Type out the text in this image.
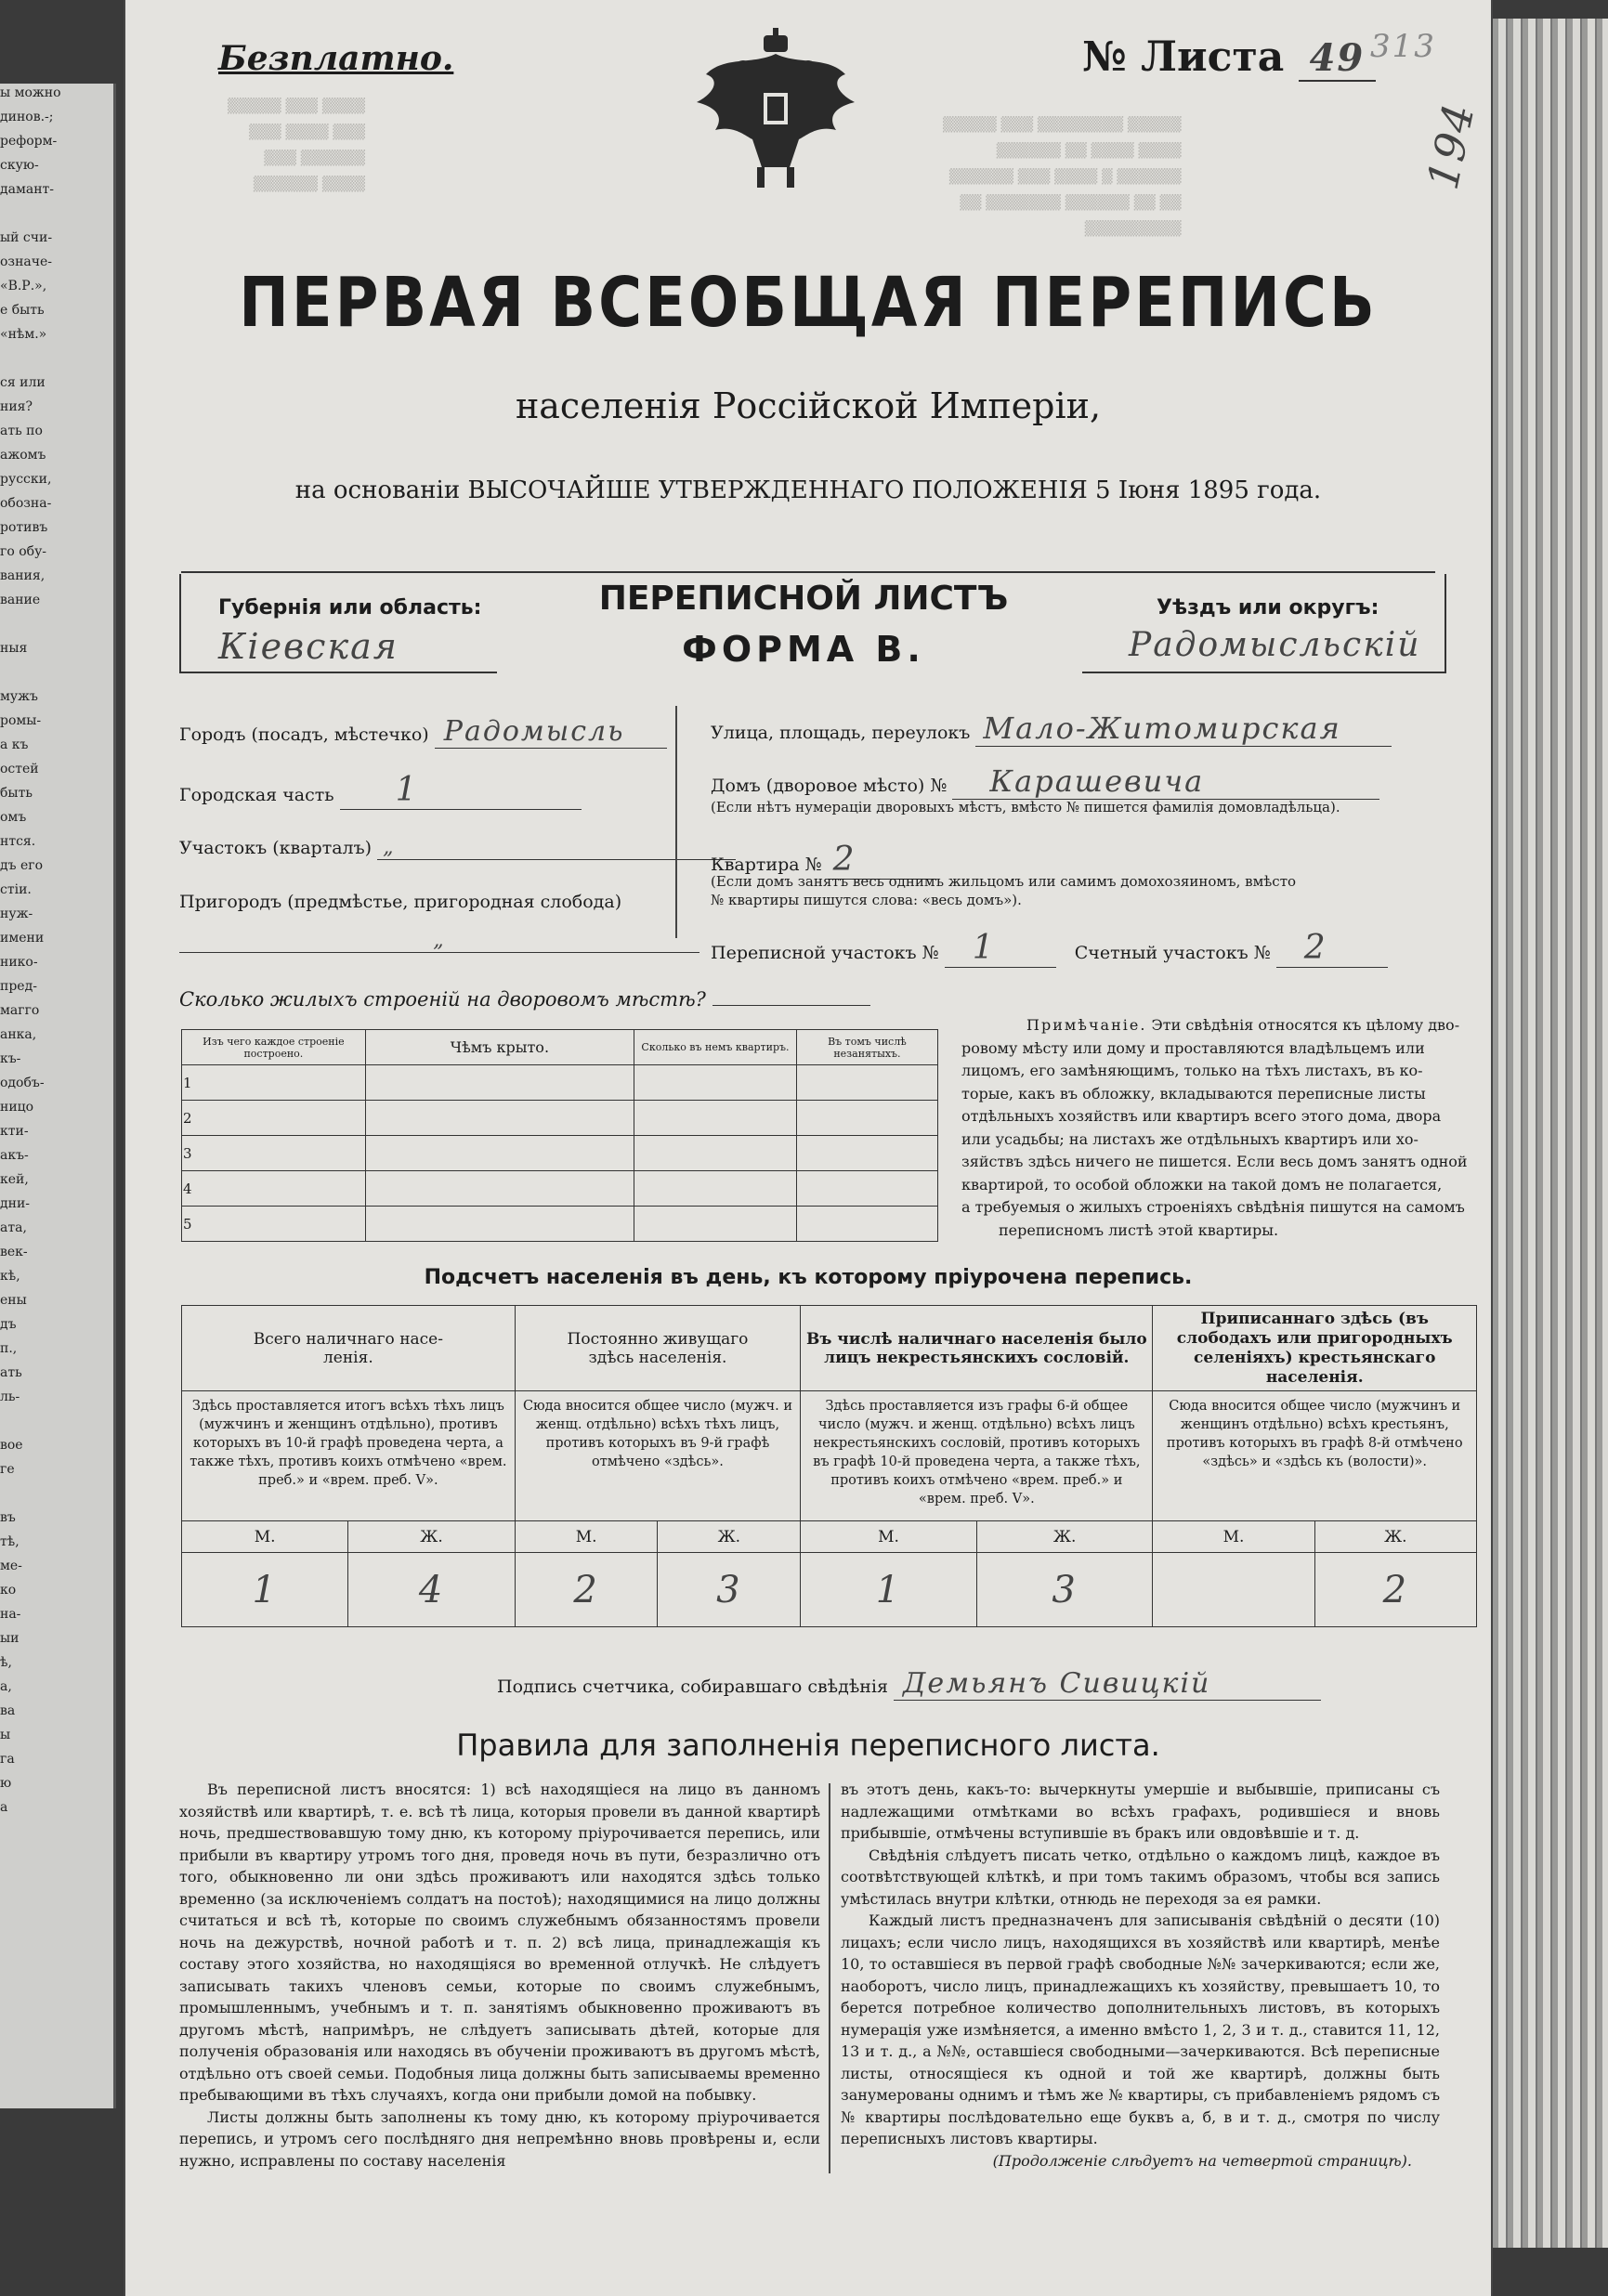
ы можно

динов.-;

реформ-

скую-

дамант-

ый счи-

означе-

«В.Р.»,

е быть

«нѣм.»

ся или

ния?

ать по

ажомъ

русски,

обозна-

ротивъ

го обу-

вания,

вание

ныя

мужъ

ромы-

а къ

остей

быть

омъ

нтся.

дъ его

стiи.

нуж-

имени

нико-

пред-

магго

анка,

къ-

одобъ-

ницо

кти-

акъ-

кей,

дни-

ата,

век-

кѣ,

ены

дъ

п.,

ать

ль-

вое

ге

въ

тѣ,

ме-

ко

на-

ыи

ѣ,

а,

ва

ы

га

ю

а

▒▒▒▒ ▒▒▒ ▒▒▒▒▒
▒▒▒ ▒▒▒▒ ▒▒▒
▒▒▒▒▒▒ ▒▒▒
▒▒▒▒ ▒▒▒▒▒▒
▒▒▒▒▒ ▒▒▒▒▒▒▒▒ ▒▒▒ ▒▒▒▒▒
▒▒▒▒ ▒▒▒▒ ▒▒ ▒▒▒▒▒▒
▒▒▒▒▒▒ ▒ ▒▒▒▒ ▒▒▒ ▒▒▒▒▒▒
▒▒ ▒▒ ▒▒▒▒▒▒ ▒▒▒▒▒▒▒ ▒▒
▒▒▒▒▒▒▒▒▒
Безплатно.	№ Листа 49 313
194
ПЕРВАЯ ВСЕОБЩАЯ ПЕРЕПИСЬ
населенiя Россiйской Имперiи,
на основанiи ВЫСОЧАЙШЕ УТВЕРЖДЕННАГО ПОЛОЖЕНIЯ 5 Iюня 1895 года.
Губернiя или область:
Кiевская
ПЕРЕПИСНОЙ ЛИСТЪ
ФОРМА В.
Уѣздъ или округъ:
Радомысльскiй
Городъ (посадъ, мѣстечко) Радомысль
Городская часть 1
Участокъ (кварталъ) „
Пригородъ (предмѣстье, пригородная слобода)
„
Улица, площадь, переулокъ Мало-Житомирская
Домъ (дворовое мѣсто) № Карашевича
(Если нѣтъ нумерацiи дворовыхъ мѣстъ, вмѣсто № пишется фамилiя домовладѣльца).
Квартира № 2
(Если домъ занятъ весь однимъ жильцомъ или самимъ домохозяиномъ, вмѣсто
№ квартиры пишутся слова: «весь домъ»).
Переписной участокъ № 1	Счетный участокъ № 2
Сколько жилыхъ строенiй на дворовомъ мѣстѣ?
Изъ чего каждое строенiе построено.	Чѣмъ крыто.	Сколько въ немъ квартиръ.	Въ томъ числѣ незанятыхъ.
1			
2			
3			
4			
5			
Примѣчанiе. Эти свѣдѣнiя относятся къ цѣлому дво-
ровому мѣсту или дому и проставляются владѣльцемъ или
лицомъ, его замѣняющимъ, только на тѣхъ листахъ, въ ко-
торые, какъ въ обложку, вкладываются переписные листы
отдѣльныхъ хозяйствъ или квартиръ всего этого дома, двора
или усадьбы; на листахъ же отдѣльныхъ квартиръ или хо-
зяйствъ здѣсь ничего не пишется. Если весь домъ занятъ одной
квартирой, то особой обложки на такой домъ не полагается,
а требуемыя о жилыхъ строенiяхъ свѣдѣнiя пишутся на самомъ
переписномъ листѣ этой квартиры.
Подсчетъ населенiя въ день, къ которому прiурочена перепись.
Всего наличнаго насе-
ленiя.		Постоянно живущаго
здѣсь населенiя.		Въ числѣ наличнаго населенiя было
лицъ некрестьянскихъ сословiй.		Приписаннаго здѣсь (въ слободахъ или пригородныхъ селенiяхъ) крестьянскаго населенiя.	
Здѣсь проставляется итогъ всѣхъ тѣхъ лицъ (мужчинъ и женщинъ отдѣльно), противъ которыхъ въ 10-й графѣ проведена черта, а также тѣхъ, противъ коихъ отмѣчено «врем. преб.» и «врем. преб. V».		Сюда вносится общее число (мужч. и женщ. отдѣльно) всѣхъ тѣхъ лицъ, противъ которыхъ въ 9-й графѣ отмѣчено «здѣсь».		Здѣсь проставляется изъ графы 6-й общее число (мужч. и женщ. отдѣльно) всѣхъ лицъ некрестьянскихъ сословiй, противъ которыхъ въ графѣ 10-й проведена черта, а также тѣхъ, противъ коихъ отмѣчено «врем. преб.» и «врем. преб. V».		Сюда вносится общее число (мужчинъ и женщинъ отдѣльно) всѣхъ крестьянъ, противъ которыхъ въ графѣ 8-й отмѣчено «здѣсь» и «здѣсь къ (волости)».	
М.	Ж.	М.	Ж.	М.	Ж.	М.	Ж.
1	4	2	3	1	3		2
Подпись счетчика, собиравшаго свѣдѣнiя Демьянъ Сивицкiй
Правила для заполненiя переписного листа.

Въ переписной листъ вносятся: 1) всѣ находящiеся на лицо въ данномъ хозяйствѣ или квартирѣ, т. е. всѣ тѣ лица, которыя провели въ данной квартирѣ ночь, предшествовавшую тому дню, къ которому прiурочивается перепись, или прибыли въ квартиру утромъ того дня, проведя ночь въ пути, безразлично отъ того, обыкновенно ли они здѣсь проживаютъ или находятся здѣсь только временно (за исключенiемъ солдатъ на постоѣ); находящимися на лицо должны считаться и всѣ тѣ, которые по своимъ служебнымъ обязанностямъ провели ночь на дежурствѣ, ночной работѣ и т. п. 2) всѣ лица, принадлежащiя къ составу этого хозяйства, но находящiяся во временной отлучкѣ. Не слѣдуетъ записывать такихъ членовъ семьи, которые по своимъ служебнымъ, промышленнымъ, учебнымъ и т. п. занятiямъ обыкновенно проживаютъ въ другомъ мѣстѣ, напримѣръ, не слѣдуетъ записывать дѣтей, которые для полученiя образованiя или находясь въ обученiи проживаютъ въ другомъ мѣстѣ, отдѣльно отъ своей семьи. Подобныя лица должны быть записываемы временно пребывающими въ тѣхъ случаяхъ, когда они прибыли домой на побывку.

Листы должны быть заполнены къ тому дню, къ которому прiурочивается перепись, и утромъ сего послѣдняго дня непремѣнно вновь провѣрены и, если нужно, исправлены по составу населенiя

въ этотъ день, какъ-то: вычеркнуты умершiе и выбывшiе, приписаны съ надлежащими отмѣтками во всѣхъ графахъ, родившiеся и вновь прибывшiе, отмѣчены вступившiе въ бракъ или овдовѣвшiе и т. д.

Свѣдѣнiя слѣдуетъ писать четко, отдѣльно о каждомъ лицѣ, каждое въ соотвѣтствующей клѣткѣ, и при томъ такимъ образомъ, чтобы вся запись умѣстилась внутри клѣтки, отнюдь не переходя за ея рамки.

Каждый листъ предназначенъ для записыванiя свѣдѣнiй о десяти (10) лицахъ; если число лицъ, находящихся въ хозяйствѣ или квартирѣ, менѣе 10, то оставшiеся въ первой графѣ свободные №№ зачеркиваются; если же, наоборотъ, число лицъ, принадлежащихъ къ хозяйству, превышаетъ 10, то берется потребное количество дополнительныхъ листовъ, въ которыхъ нумерацiя уже измѣняется, а именно вмѣсто 1, 2, 3 и т. д., ставится 11, 12, 13 и т. д., а №№, оставшiеся свободными—зачеркиваются. Всѣ переписные листы, относящiеся къ одной и той же квартирѣ, должны быть занумерованы однимъ и тѣмъ же № квартиры, съ прибавленiемъ рядомъ съ № квартиры послѣдовательно еще буквъ а, б, в и т. д., смотря по числу переписныхъ листовъ квартиры.

(Продолженiе слѣдуетъ на четвертой страницѣ).
